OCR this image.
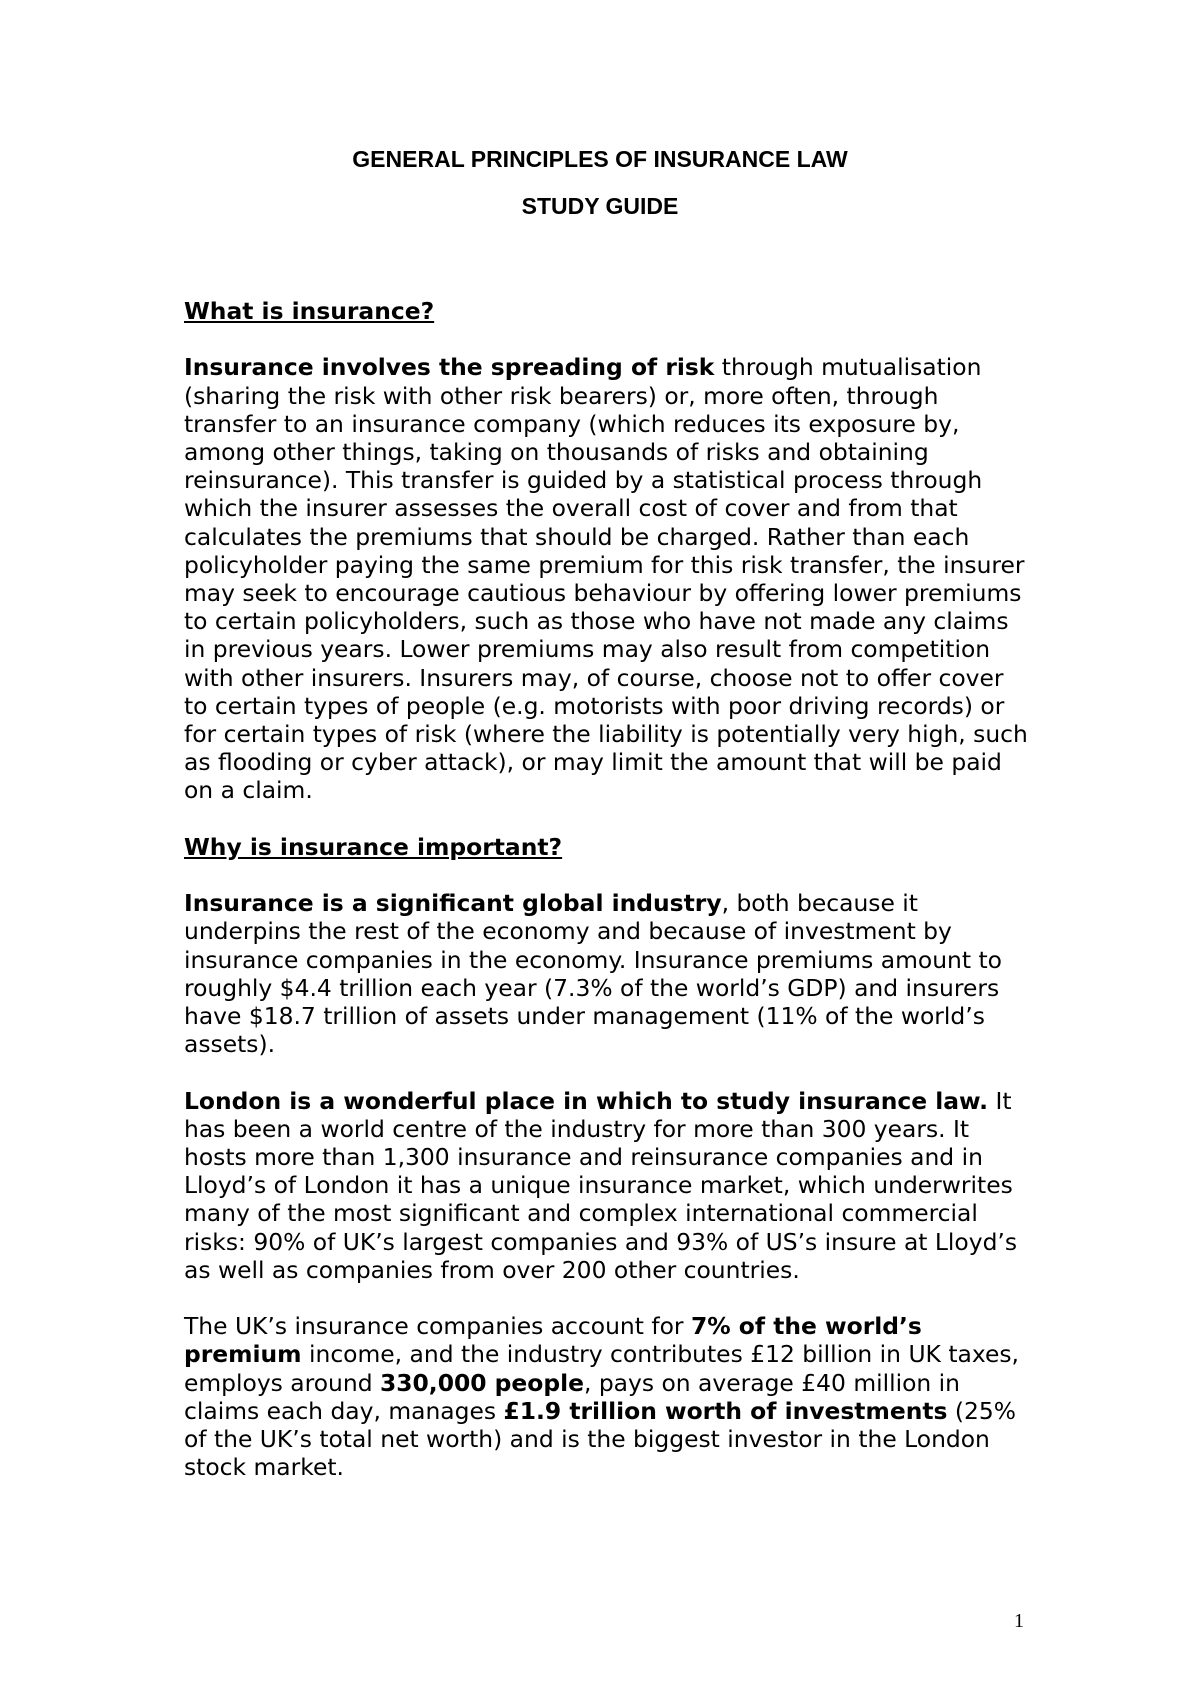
GENERAL PRINCIPLES OF INSURANCE LAW
STUDY GUIDE

What is insurance?

Insurance involves the spreading of risk through mutualisation (sharing the risk with other risk bearers) or, more often, through transfer to an insurance company (which reduces its exposure by, among other things, taking on thousands of risks and obtaining reinsurance). This transfer is guided by a statistical process through which the insurer assesses the overall cost of cover and from that calculates the premiums that should be charged. Rather than each policyholder paying the same premium for this risk transfer, the insurer may seek to encourage cautious behaviour by offering lower premiums to certain policyholders, such as those who have not made any claims in previous years. Lower premiums may also result from competition with other insurers. Insurers may, of course, choose not to offer cover to certain types of people (e.g. motorists with poor driving records) or for certain types of risk (where the liability is potentially very high, such as flooding or cyber attack), or may limit the amount that will be paid on a claim.

Why is insurance important?

Insurance is a significant global industry, both because it underpins the rest of the economy and because of investment by insurance companies in the economy. Insurance premiums amount to roughly $4.4 trillion each year (7.3% of the world’s GDP) and insurers have $18.7 trillion of assets under management (11% of the world’s assets).

London is a wonderful place in which to study insurance law. It has been a world centre of the industry for more than 300 years. It hosts more than 1,300 insurance and reinsurance companies and in Lloyd’s of London it has a unique insurance market, which underwrites many of the most significant and complex international commercial risks: 90% of UK’s largest companies and 93% of US’s insure at Lloyd’s as well as companies from over 200 other countries.

The UK’s insurance companies account for 7% of the world’s premium income, and the industry contributes £12 billion in UK taxes, employs around 330,000 people, pays on average £40 million in claims each day, manages £1.9 trillion worth of investments (25% of the UK’s total net worth) and is the biggest investor in the London stock market.

1
